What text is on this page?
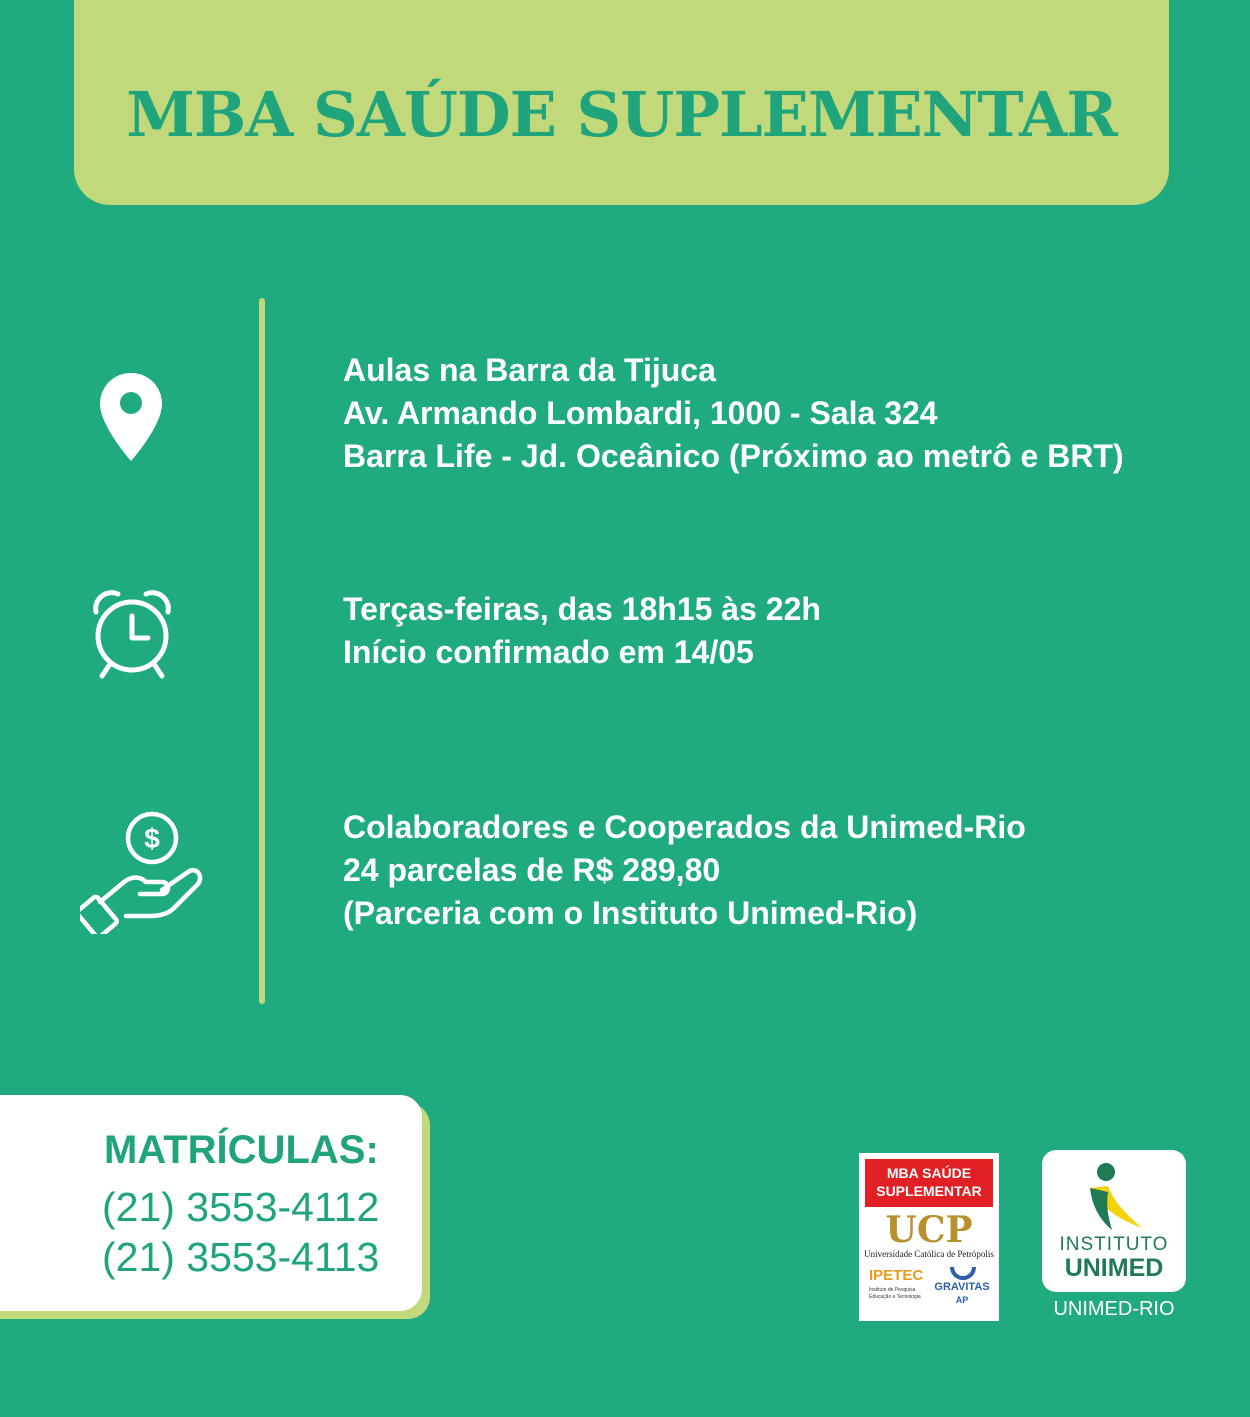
MBA SAÚDE SUPLEMENTAR
Aulas na Barra da Tijuca
Av. Armando Lombardi, 1000 - Sala 324
Barra Life - Jd. Oceânico (Próximo ao metrô e BRT)
Terças-feiras, das 18h15 às 22h
Início confirmado em 14/05
$	Colaboradores e Cooperados da Unimed-Rio
24 parcelas de R$ 289,80
(Parceria com o Instituto Unimed-Rio)
MATRÍCULAS:
(21) 3553-4112
(21) 3553-4113
MBA SAÚDE
SUPLEMENTAR
UCP
Universidade Católica de Petrópolis
IPETEC
Instituto de Pesquisa
Educação e Tecnologia
GRAVITAS
AP
INSTITUTO
UNIMED
UNIMED-RIO
